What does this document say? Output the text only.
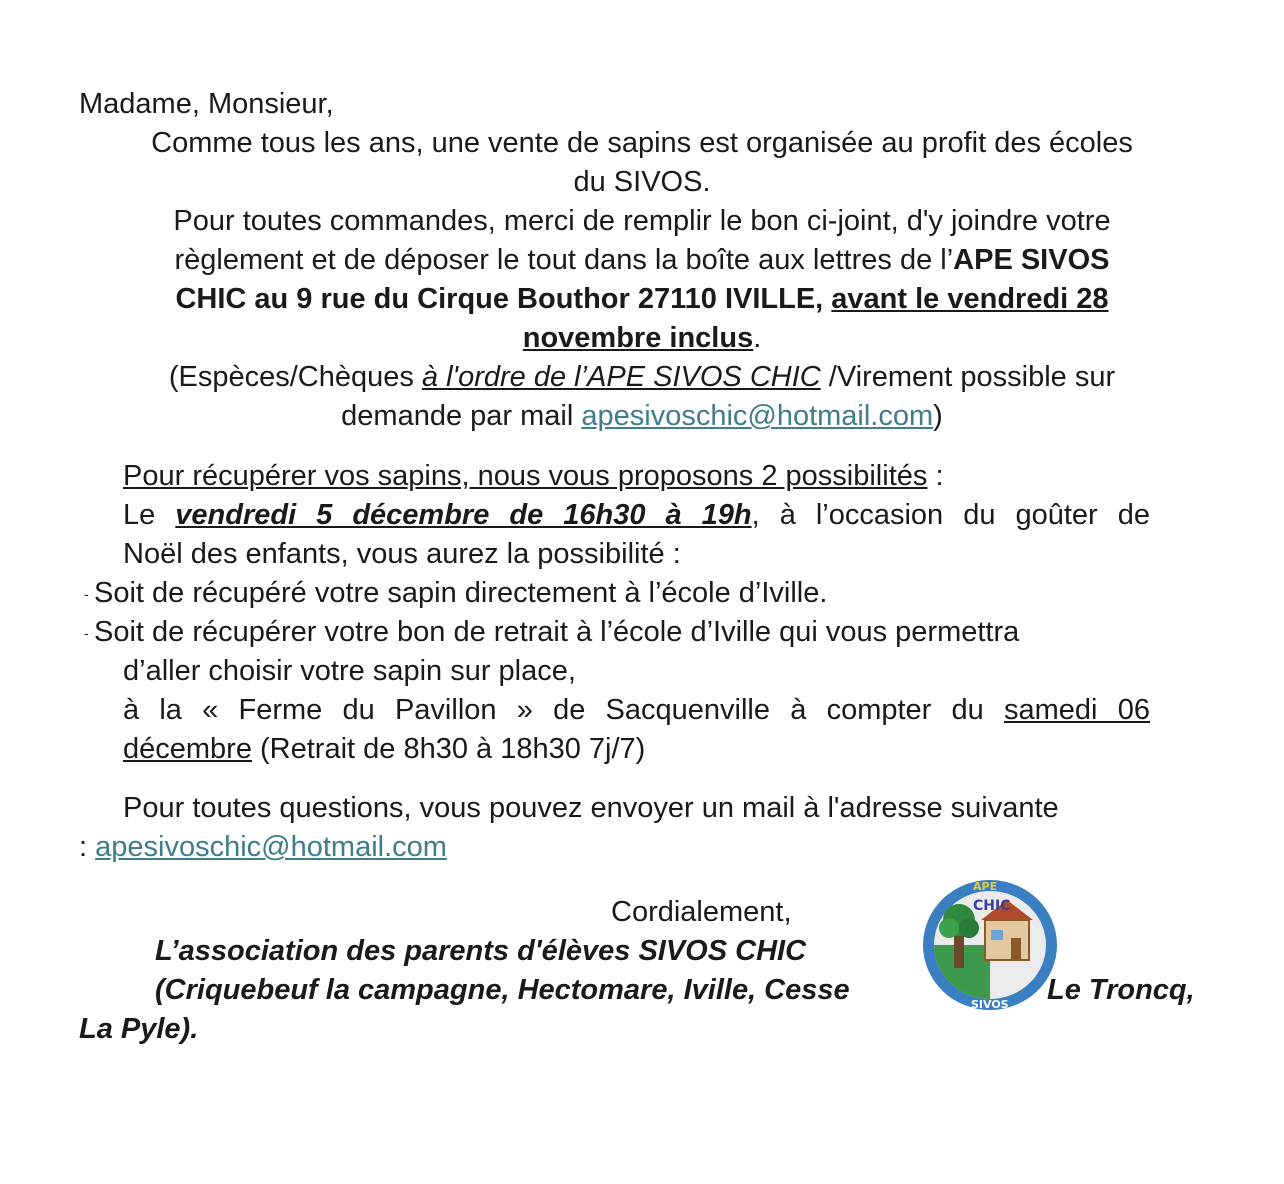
Madame, Monsieur,
Comme tous les ans, une vente de sapins est organisée au profit des écoles
du SIVOS.
Pour toutes commandes, merci de remplir le bon ci-joint, d'y joindre votre
règlement et de déposer le tout dans la boîte aux lettres de l’APE SIVOS
CHIC au 9 rue du Cirque Bouthor 27110 IVILLE, avant le vendredi 28
novembre inclus.
(Espèces/Chèques à l'ordre de l’APE SIVOS CHIC /Virement possible sur
demande par mail apesivoschic@hotmail.com)
Pour récupérer vos sapins, nous vous proposons 2 possibilités :
Le vendredi 5 décembre de 16h30 à 19h, à l’occasion du goûter de
Noël des enfants, vous aurez la possibilité :
- Soit de récupéré votre sapin directement à l’école d’Iville.
- Soit de récupérer votre bon de retrait à l’école d’Iville qui vous permettra
d’aller choisir votre sapin sur place,
à la « Ferme du Pavillon » de Sacquenville à compter du samedi 06
décembre (Retrait de 8h30 à 18h30 7j/7)
Pour toutes questions, vous pouvez envoyer un mail à l'adresse suivante
: apesivoschic@hotmail.com
Cordialement,
L’association des parents d'élèves SIVOS CHIC
(Criquebeuf la campagne, Hectomare, Iville, Cesse	Le Troncq,
La Pyle).
CHIC
APE
SIVOS
